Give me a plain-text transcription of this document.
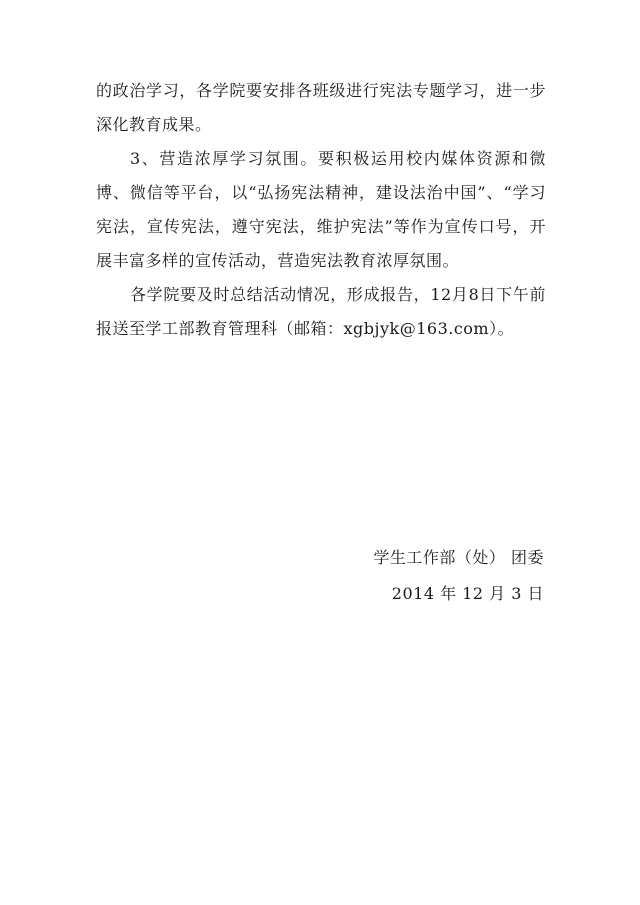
的政治学习，各学院要安排各班级进行宪法专题学习，进一步深化教育成果。

3、营造浓厚学习氛围。要积极运用校内媒体资源和微博、微信等平台，以“弘扬宪法精神，建设法治中国”、“学习宪法，宣传宪法，遵守宪法，维护宪法”等作为宣传口号，开展丰富多样的宣传活动，营造宪法教育浓厚氛围。

各学院要及时总结活动情况，形成报告，12月8日下午前报送至学工部教育管理科（邮箱：xgbjyk@163.com）。

学生工作部（处） 团委
2014 年 12 月 3 日
